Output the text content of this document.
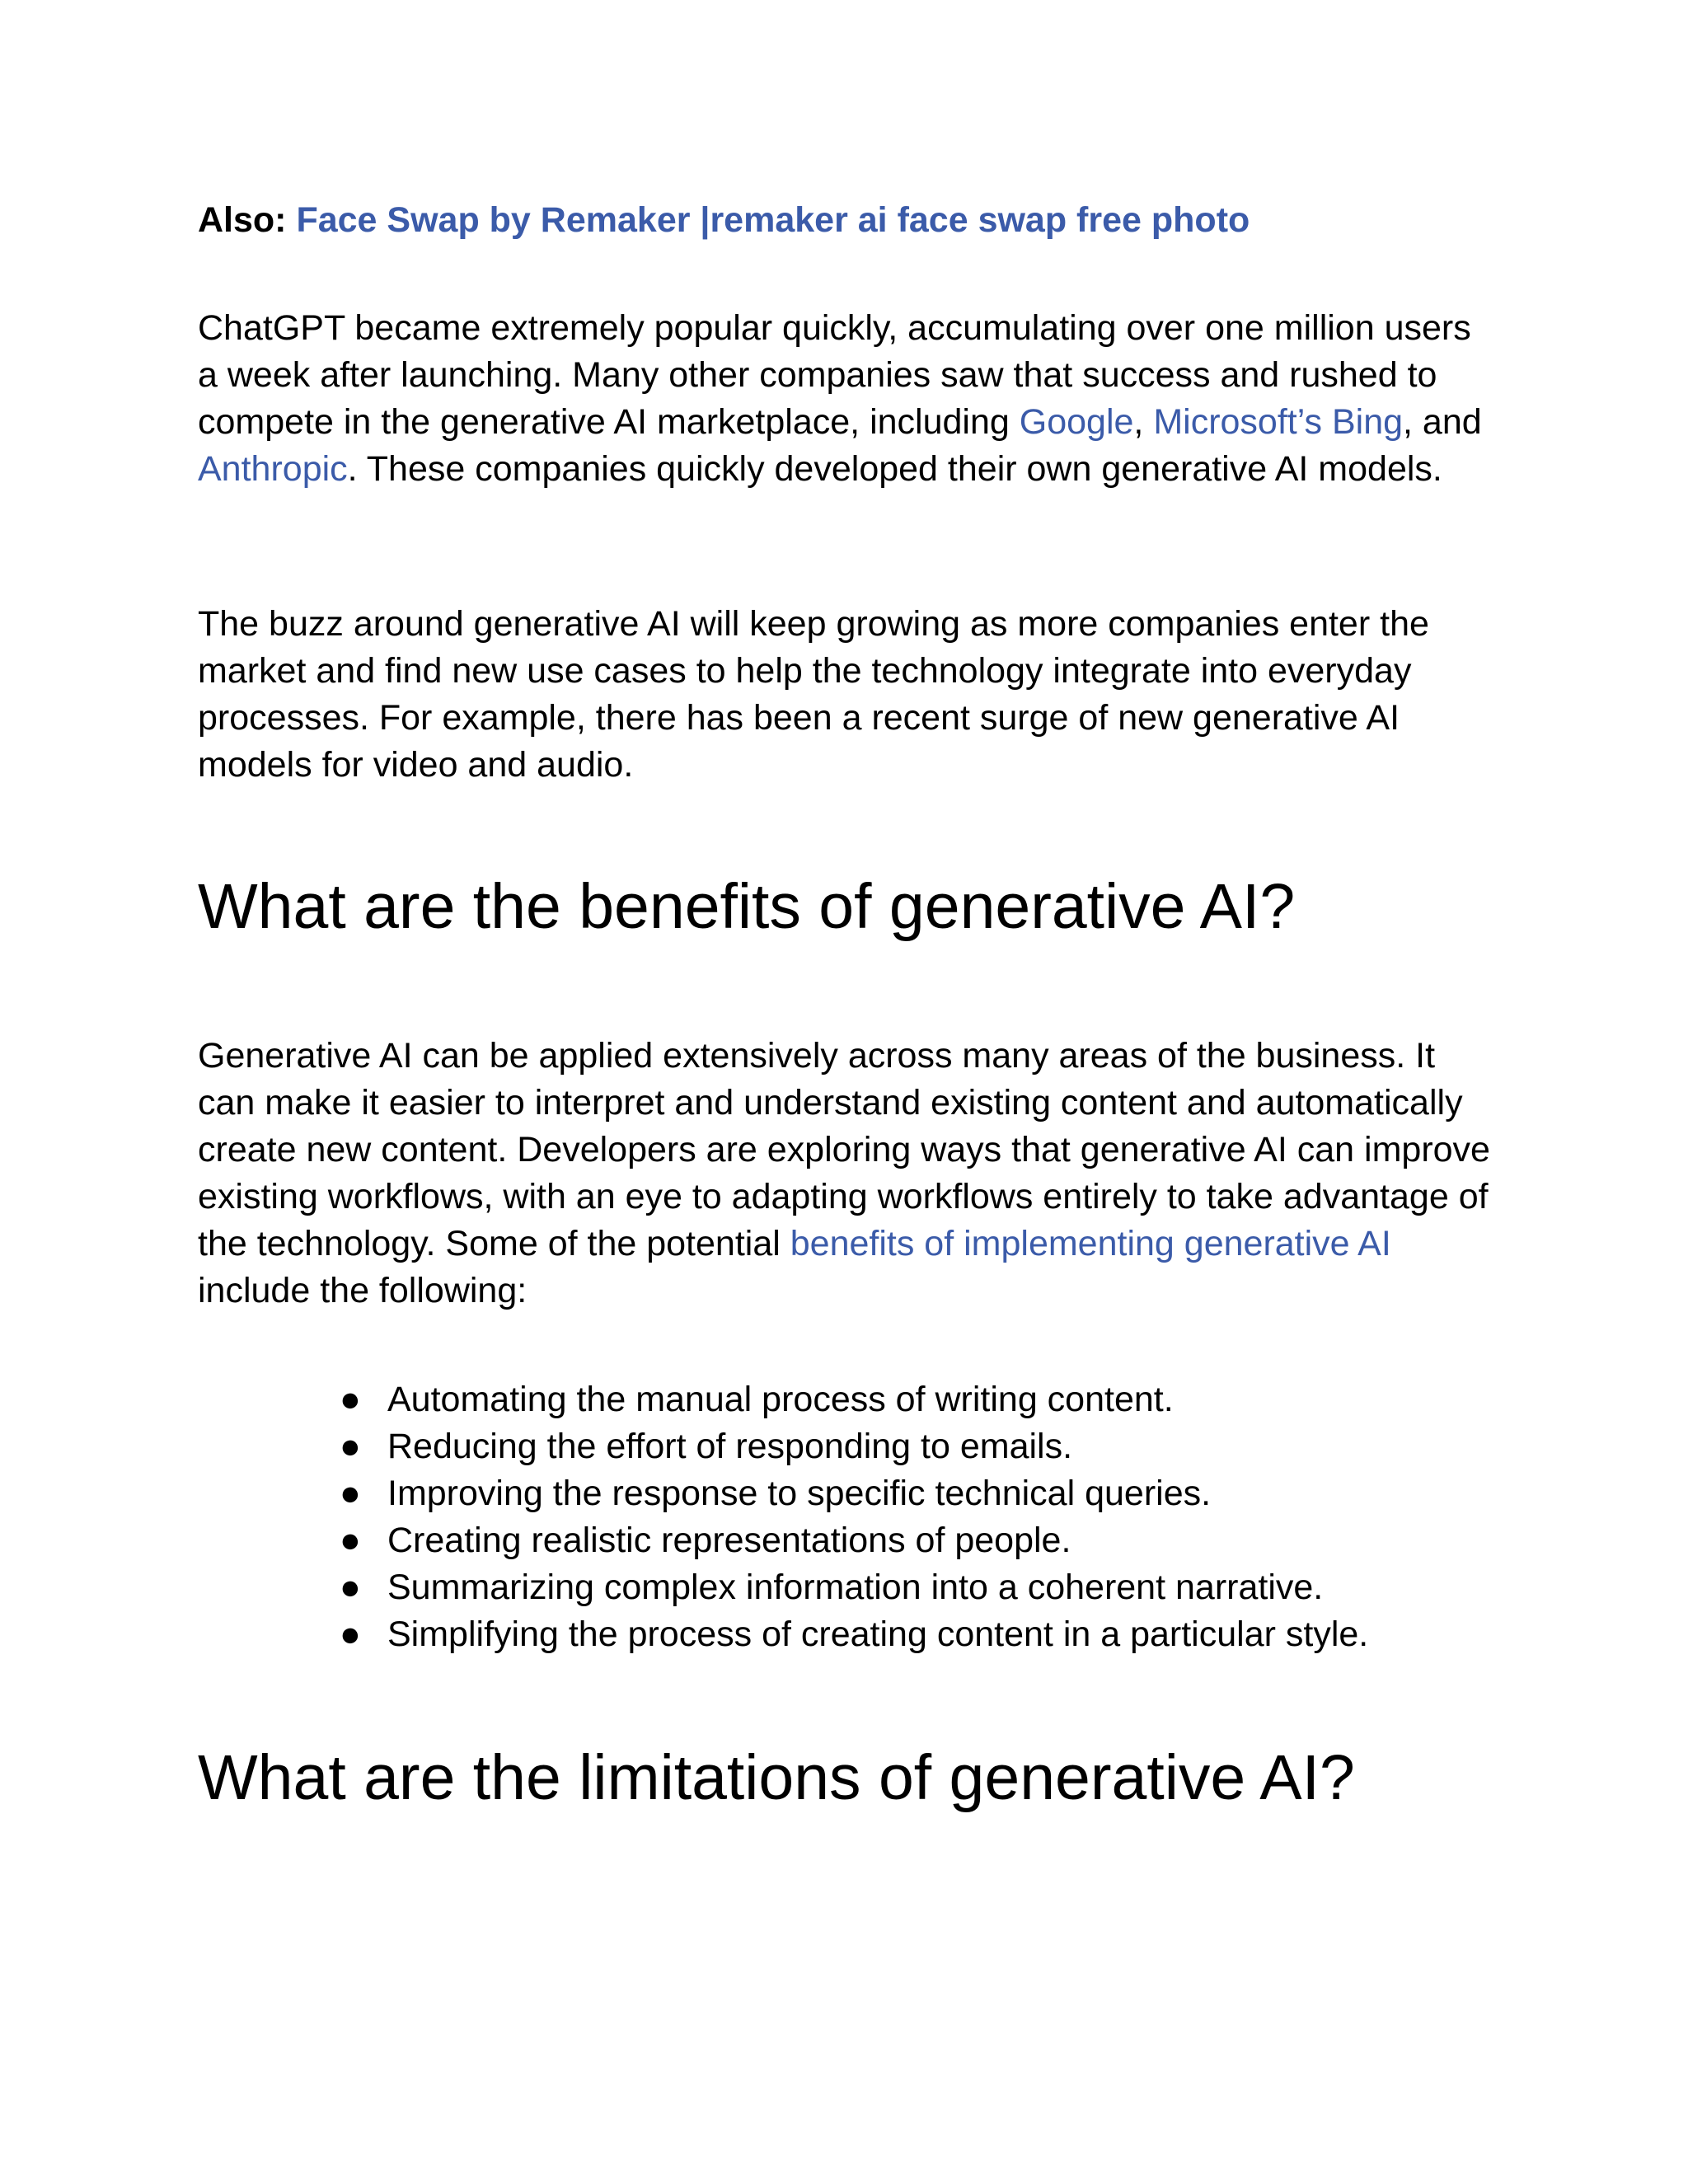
Also: Face Swap by Remaker |remaker ai face swap free photo

ChatGPT became extremely popular quickly, accumulating over one million users a week after launching. Many other companies saw that success and rushed to compete in the generative AI marketplace, including Google, Microsoft’s Bing, and Anthropic. These companies quickly developed their own generative AI models.

The buzz around generative AI will keep growing as more companies enter the market and find new use cases to help the technology integrate into everyday processes. For example, there has been a recent surge of new generative AI models for video and audio.

What are the benefits of generative AI?

Generative AI can be applied extensively across many areas of the business. It can make it easier to interpret and understand existing content and automatically create new content. Developers are exploring ways that generative AI can improve existing workflows, with an eye to adapting workflows entirely to take advantage of the technology. Some of the potential benefits of implementing generative AI include the following:

● Automating the manual process of writing content.
● Reducing the effort of responding to emails.
● Improving the response to specific technical queries.
● Creating realistic representations of people.
● Summarizing complex information into a coherent narrative.
● Simplifying the process of creating content in a particular style.
What are the limitations of generative AI?
